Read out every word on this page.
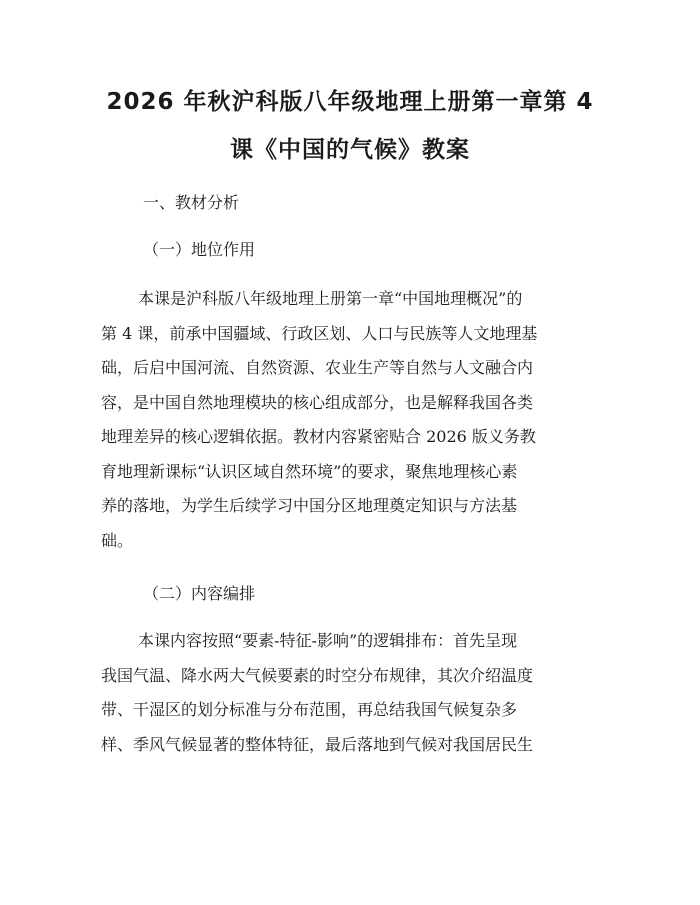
2026 年秋沪科版八年级地理上册第一章第 4
课《中国的气候》教案

一、教材分析

（一）地位作用

本课是沪科版八年级地理上册第一章“中国地理概况”的
第 4 课，前承中国疆域、行政区划、人口与民族等人文地理基
础，后启中国河流、自然资源、农业生产等自然与人文融合内
容，是中国自然地理模块的核心组成部分，也是解释我国各类
地理差异的核心逻辑依据。教材内容紧密贴合 2026 版义务教
育地理新课标“认识区域自然环境”的要求，聚焦地理核心素
养的落地，为学生后续学习中国分区地理奠定知识与方法基
础。

（二）内容编排

本课内容按照“要素-特征-影响”的逻辑排布：首先呈现
我国气温、降水两大气候要素的时空分布规律，其次介绍温度
带、干湿区的划分标准与分布范围，再总结我国气候复杂多
样、季风气候显著的整体特征，最后落地到气候对我国居民生
